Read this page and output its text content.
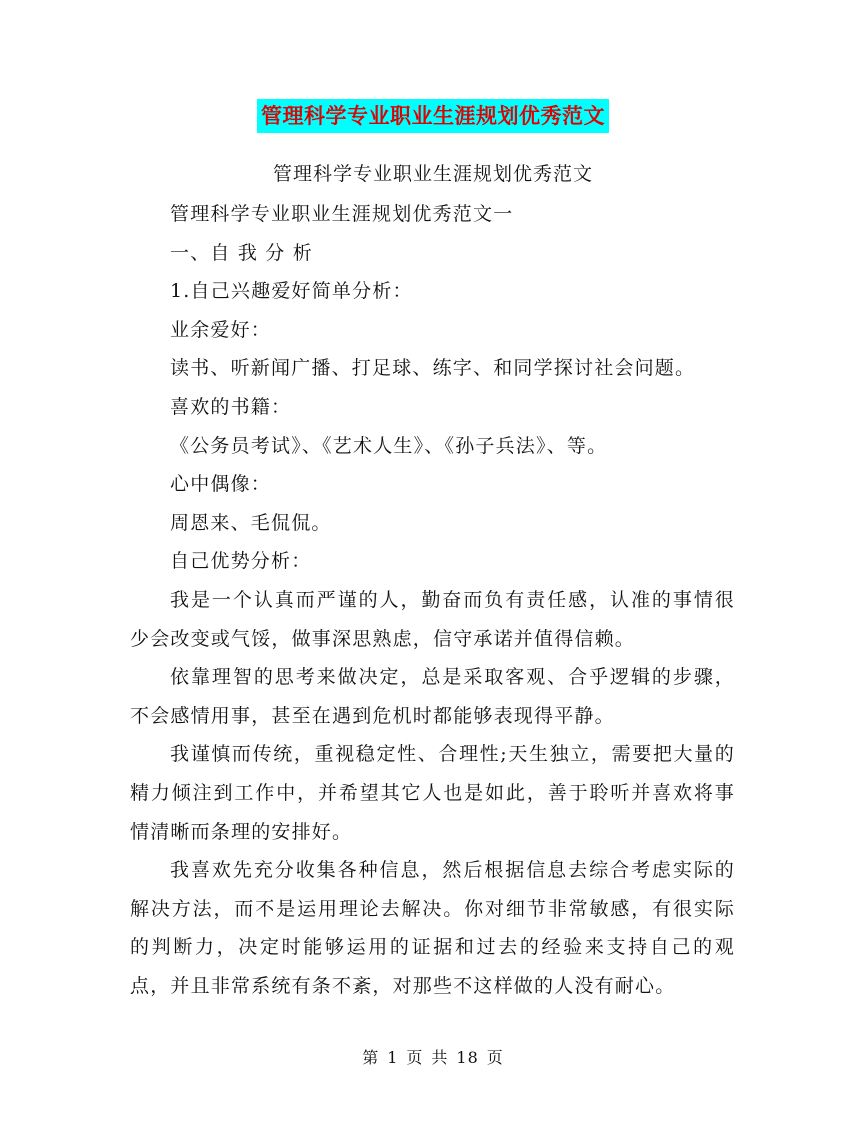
管理科学专业职业生涯规划优秀范文
管理科学专业职业生涯规划优秀范文

管理科学专业职业生涯规划优秀范文一

一、自 我 分 析

1.自己兴趣爱好简单分析：

业余爱好：

读书、听新闻广播、打足球、练字、和同学探讨社会问题。

喜欢的书籍：

《公务员考试》、《艺术人生》、《孙子兵法》、等。

心中偶像：

周恩来、毛侃侃。

自己优势分析：

我是一个认真而严谨的人，勤奋而负有责任感，认准的事情很少会改变或气馁，做事深思熟虑，信守承诺并值得信赖。

依靠理智的思考来做决定，总是采取客观、合乎逻辑的步骤，不会感情用事，甚至在遇到危机时都能够表现得平静。

我谨慎而传统，重视稳定性、合理性;天生独立，需要把大量的精力倾注到工作中，并希望其它人也是如此，善于聆听并喜欢将事情清晰而条理的安排好。

我喜欢先充分收集各种信息，然后根据信息去综合考虑实际的解决方法，而不是运用理论去解决。你对细节非常敏感，有很实际的判断力，决定时能够运用的证据和过去的经验来支持自己的观点，并且非常系统有条不紊，对那些不这样做的人没有耐心。

第 1 页 共 18 页
